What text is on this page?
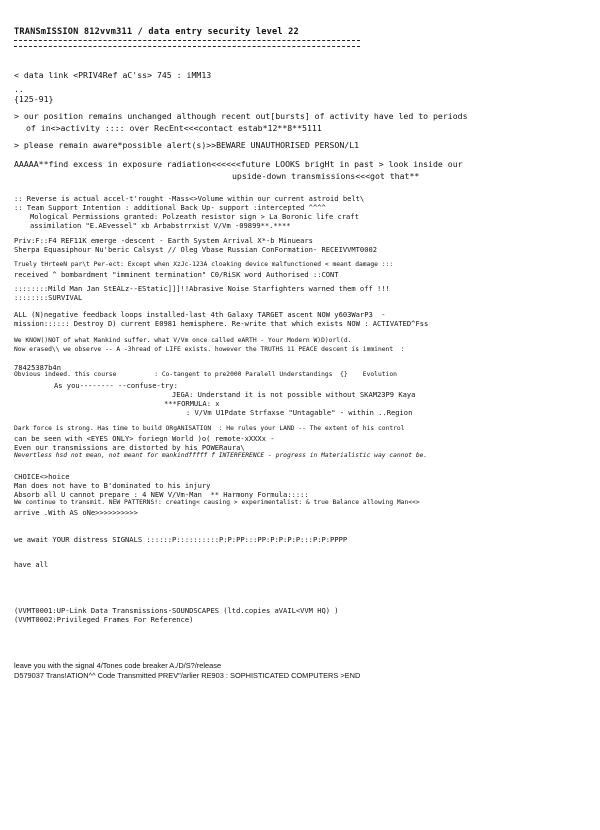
TRANSmISSION 812vvm311 / data entry security level 22
< data link <PRIV4Ref aC'ss> 745 : iMM13
..
{125-91}
> our position remains unchanged although recent out[bursts] of activity have led to periods
of in<>activity :::: over RecEnt<<<contact estab*12**8**5111
> please remain aware*possible alert(s)>>BEWARE UNAUTHORISED PERSON/L1
AAAAA**find excess in exposure radiation<<<<<<future LOOKS brigHt in past > look inside our
upside-down transmissions<<<got that**
:: Reverse is actual accel-t'rought -Mass<>Volume within our current astroid belt\
:: Team Support Intention : additional Back Up- support :intercepted ^^^^
Mological Permissions granted: Polzeath resistor sign > La Boronic life craft
assimilation "E.AEvessel" xb Arbabstrrxist V/Vm -09899**.****
Priv:F::F4 REF11K emerge -descent - Earth System Arrival X*-b Minuears
Sherpa Equasiphour Nu'beric Calsyst // Oleg Vbase Russian ConFormation- RECEIVVMT0002
Truely tHrteeN par\t Per-ect: Except when XzJc-123A cloaking device malfunctioned < meant damage :::
received ^ bombardment "imminent termination" C0/RiSK word Authorised ::CONT
::::::::Mild Man Jan StEALz--EStatic]]]!!Abrasive Noise Starfighters warned them off !!!
::::::::SURVIVAL
ALL (N)negative feedback loops installed-last 4th Galaxy TARGET ascent NOW y603WarP3  -
mission:::::: Destroy D) current E0981 hemisphere. Re-write that which exists NOW : ACTIVATED^Fss
We KNOW()NOT of what Mankind suffer. what V/Vm once called eARTH - Your Modern W)D)orl(d.
Now erased\\ we observe -- A -3hread of LIFE exists. however the TRUTHS 11 PEACE descent is imminent  :
78425387b4n
Obvious indeed. this course          : Co-tangent to pre2000 Paralell Understandings  {}    Evolution
As you-------- --confuse-try:
JEGA: Understand it is not possible without SKAM23P9 Kaya
***FORMULA: x
: V/Vm U1Pdate Strfaxse "Untagable" - within ..Region
Dark force is strong. Has time to build ORgANISATION  : He rules your LAND -- The extent of his control
can be seen with <EYES ONLY> foriegn World )o( remote-xXXXx -
Even our transmissions are distorted by his POWERaura\
Nevertless hsd not mean, not meant for mankindfffff f INTERFERENCE - progress in Materialistic way cannot be.
CHOICE<>hoice
Man does not have to B'dominated to his injury
Absorb all U cannot prepare : 4 NEW V/Vm-Man  ** Harmony Formula:::::
We continue to transmit. NEW PATTERNS!: creating< causing > experimentalist: & true Balance allowing Man<<>
arrive .With AS oNe>>>>>>>>>>
we await YOUR distress SIGNALS ::::::P::::::::::P:P:PP:::PP:P:P:P:P:::P:P:PPPP
have all
(VVMT0001:UP-Link Data Transmissions-SOUNDSCAPES (ltd.copies aVAIL<VVM HQ) )
(VVMT0002:Privileged Frames For Reference)
leave you with the signal 4/Tones code breaker A./D/S?/release
D579037 Trans!ATION^^ Code Transmitted PREV"/arlier RE903 : SOPHISTICATED COMPUTERS >END
